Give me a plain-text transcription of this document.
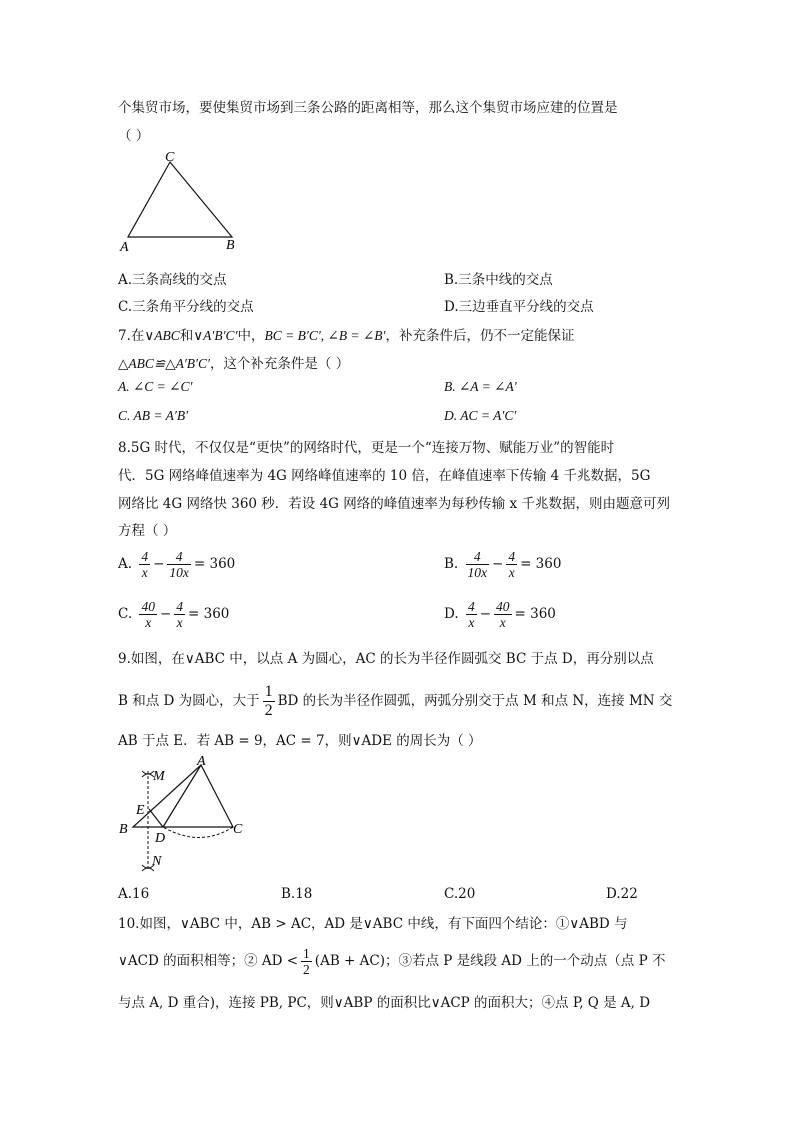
个集贸市场，要使集贸市场到三条公路的距离相等，那么这个集贸市场应建的位置是
（ ）
C
A	B
A.三条高线的交点	B.三条中线的交点
C.三条角平分线的交点	D.三边垂直平分线的交点
7.在∨ABC和∨A′B′C′中，BC = B′C′, ∠B = ∠B′，补充条件后，仍不一定能保证
△ABC≌△A′B′C′，这个补充条件是（ ）
A. ∠C = ∠C′	B. ∠A = ∠A′
C. AB = A′B′	D. AC = A′C′
8.5G 时代，不仅仅是“更快”的网络时代，更是一个“连接万物、赋能万业”的智能时
代．5G 网络峰值速率为 4G 网络峰值速率的 10 倍，在峰值速率下传输 4 千兆数据，5G
网络比 4G 网络快 360 秒．若设 4G 网络的峰值速率为每秒传输 x 千兆数据，则由题意可列
方程（ ）
A. $\frac{4}{x} - \frac{4}{10x} = 360$	B. $\frac{4}{10x} - \frac{4}{x} = 360$
C. $\frac{40}{x} - \frac{4}{x} = 360$	D. $\frac{4}{x} - \frac{40}{x} = 360$
9.如图，在∨ABC 中，以点 A 为圆心，AC 的长为半径作圆弧交 BC 于点 D，再分别以点
B 和点 D 为圆心，大于 $\frac{1}{2}$ BD 的长为半径作圆弧，两弧分别交于点 M 和点 N，连接 MN 交
AB 于点 E．若 AB = 9，AC = 7，则∨ADE 的周长为（ ）
A
M
E
B
D
C
N
A.16	B.18	C.20	D.22
10.如图，∨ABC 中，AB > AC，AD 是∨ABC 中线，有下面四个结论：①∨ABD 与
∨ACD 的面积相等；② AD < $\frac{1}{2} (AB + AC)$；③若点 P 是线段 AD 上的一个动点（点 P 不
与点 A, D 重合)，连接 PB, PC，则∨ABP 的面积比∨ACP 的面积大；④点 P, Q 是 A, D
